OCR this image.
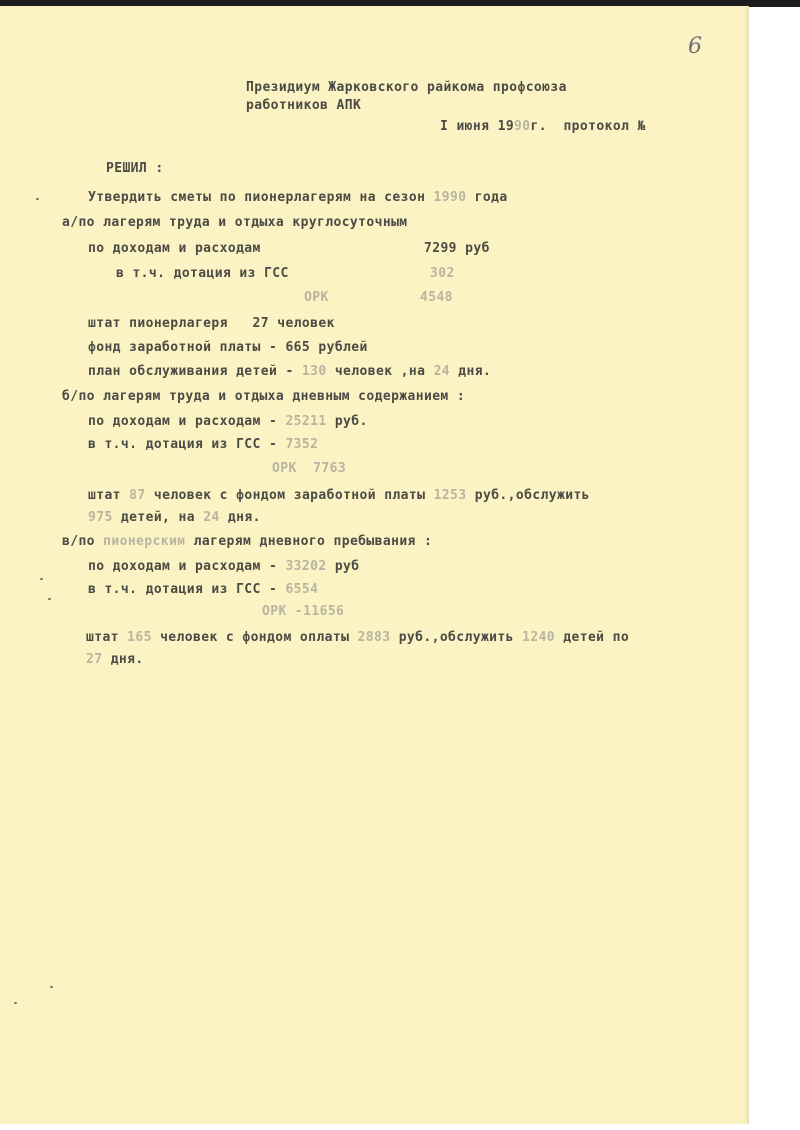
6
Президиум Жарковского райкома профсоюза
работников АПК
I июня 1990г. протокол №
РЕШИЛ :
Утвердить сметы по пионерлагерям на сезон 1990 года
а/по лагерям труда и отдыха круглосуточным
по доходам и расходам	7299 руб
в т.ч. дотация из ГСС	302
ОРК	4548
штат пионерлагеря 27 человек
фонд заработной платы - 665 рублей
план обслуживания детей - 130 человек ,на 24 дня.
б/по лагерям труда и отдыха дневным содержанием :
по доходам и расходам - 25211 руб.
в т.ч. дотация из ГСС - 7352
ОРК 7763
штат 87 человек с фондом заработной платы 1253 руб.,обслужить
975 детей, на 24 дня.
в/по пионерским лагерям дневного пребывания :
по доходам и расходам - 33202 руб
в т.ч. дотация из ГСС - 6554
ОРК -11656
штат 165 человек с фондом оплаты 2883 руб.,обслужить 1240 детей по
27 дня.
